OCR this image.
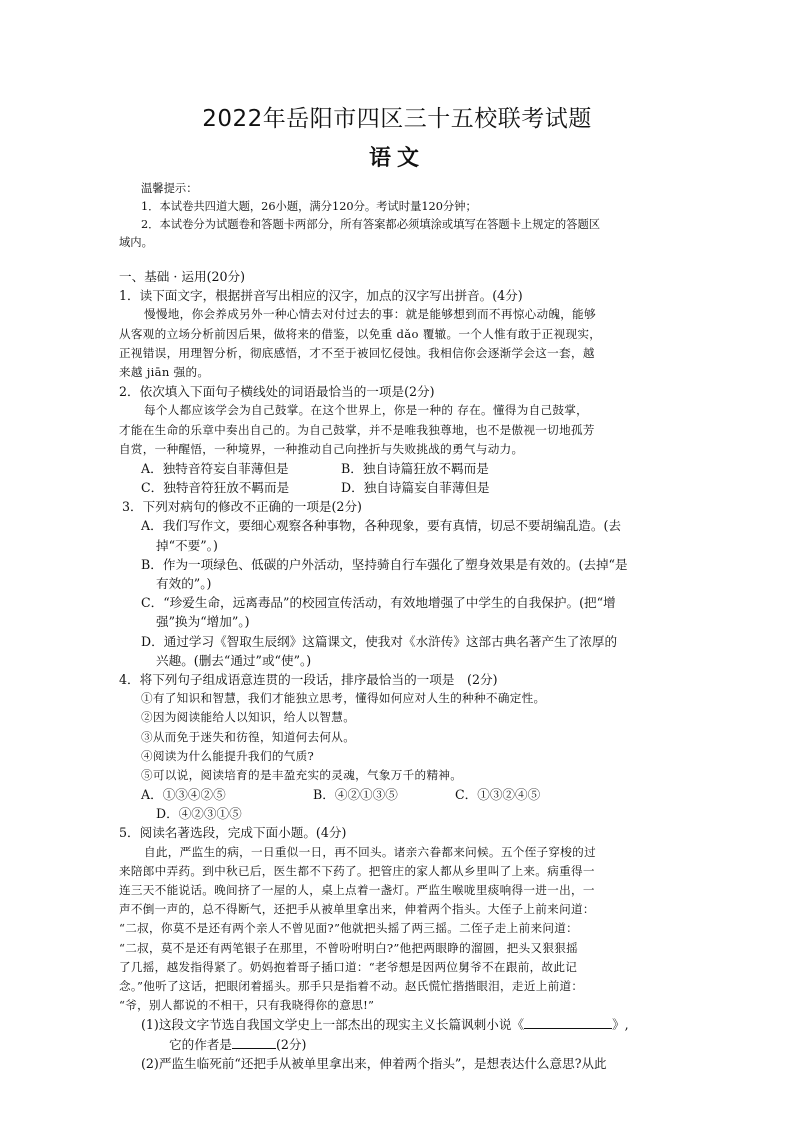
2022年岳阳市四区三十五校联考试题
语文
温馨提示：
1．本试卷共四道大题，26小题，满分120分。考试时量120分钟；
2．本试卷分为试题卷和答题卡两部分，所有答案都必须填涂或填写在答题卡上规定的答题区
域内。
一、基础 · 运用(20分)
1．读下面文字，根据拼音写出相应的汉字，加点的汉字写出拼音。(4分)
慢慢地，你会养成另外一种心情去对付过去的事：就是能够想到而不再惊心动魄，能够
从客观的立场分析前因后果，做将来的借鉴，以免重 dǎo 覆辙。一个人惟有敢于正视现实，
正视错误，用理智分析，彻底感悟，才不至于被回忆侵蚀。我相信你会逐渐学会这一套，越
来越 jiān 强的。
2．依次填入下面句子横线处的词语最恰当的一项是(2分)
每个人都应该学会为自己鼓掌。在这个世界上，你是一种的 存在。懂得为自己鼓掌，
才能在生命的乐章中奏出自己的。为自己鼓掌，并不是唯我独尊地，也不是傲视一切地孤芳
自赏，一种醒悟，一种境界，一种推动自己向挫折与失败挑战的勇气与动力。
A．独特音符妄自菲薄但是	B．独自诗篇狂放不羁而是
C．独特音符狂放不羁而是	D．独自诗篇妄自菲薄但是
3．下列对病句的修改不正确的一项是(2分)
A．我们写作文，要细心观察各种事物，各种现象，要有真情，切忌不要胡编乱造。(去
掉“不要”。)
B．作为一项绿色、低碳的户外活动，坚持骑自行车强化了塑身效果是有效的。(去掉“是
有效的”。)
C．“珍爱生命，远离毒品”的校园宣传活动，有效地增强了中学生的自我保护。(把“增
强”换为“增加”。)
D．通过学习《智取生辰纲》这篇课文，使我对《水浒传》这部古典名著产生了浓厚的
兴趣。(删去“通过”或“使”。)
4．将下列句子组成语意连贯的一段话，排序最恰当的一项是　(2分)
①有了知识和智慧，我们才能独立思考，懂得如何应对人生的种种不确定性。
②因为阅读能给人以知识，给人以智慧。
③从而免于迷失和彷徨，知道何去何从。
④阅读为什么能提升我们的气质?
⑤可以说，阅读培育的是丰盈充实的灵魂，气象万千的精神。
A．①③④②⑤	B．④②①③⑤	C．①③②④⑤
D．④②③①⑤
5．阅读名著选段，完成下面小题。(4分)
自此，严监生的病，一日重似一日，再不回头。诸亲六眷都来问候。五个侄子穿梭的过
来陪郎中弄药。到中秋已后，医生都不下药了。把管庄的家人都从乡里叫了上来。病重得一
连三天不能说话。晚间挤了一屋的人，桌上点着一盏灯。严监生喉咙里痰响得一进一出，一
声不倒一声的，总不得断气，还把手从被单里拿出来，伸着两个指头。大侄子上前来问道：
“二叔，你莫不是还有两个亲人不曾见面?”他就把头摇了两三摇。二侄子走上前来问道：
“二叔，莫不是还有两笔银子在那里，不曾吩咐明白?”他把两眼睁的溜圆，把头又狠狠摇
了几摇，越发指得紧了。奶妈抱着哥子插口道：“老爷想是因两位舅爷不在跟前，故此记
念。”他听了这话，把眼闭着摇头。那手只是指着不动。赵氏慌忙揩揩眼泪，走近上前道：
“爷，别人都说的不相干，只有我晓得你的意思!”
(1)这段文字节选自我国文学史上一部杰出的现实主义长篇讽刺小说《	》,
它的作者是	(2分)
(2)严监生临死前“还把手从被单里拿出来，伸着两个指头”，是想表达什么意思?从此
